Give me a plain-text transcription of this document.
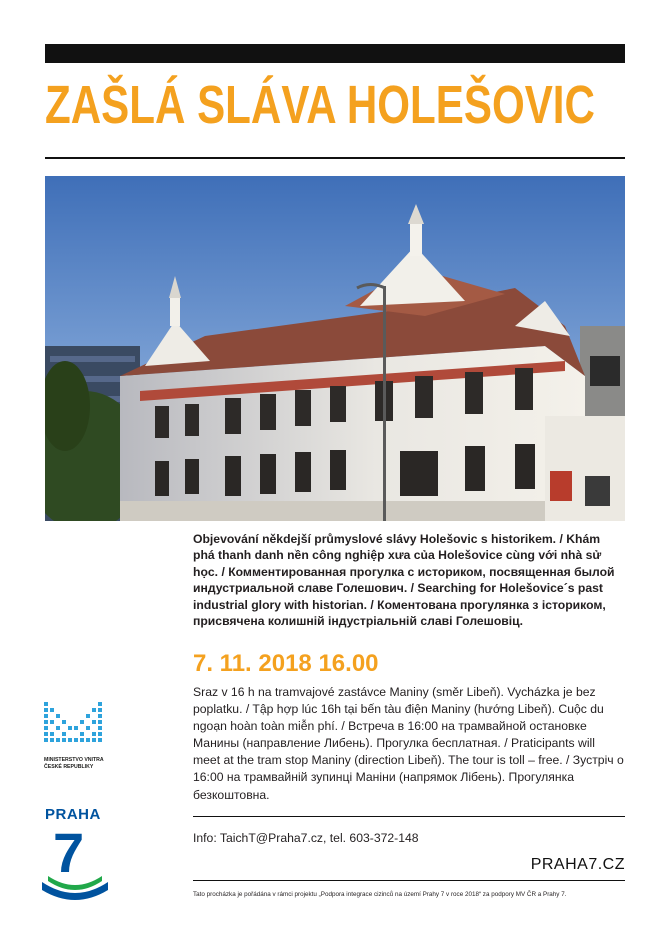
ZAŠLÁ SLÁVA HOLEŠOVIC
Objevování někdejší průmyslové slávy Holešovic s historikem. / Khám phá thanh danh nền công nghiệp xưa của Holešovice cùng với nhà sử học. / Комментированная прогулка с историком, посвященная былой индустриальной славе Голешович. / Searching for Holešovice´s past industrial glory with historian. / Коментована прогулянка з істориком, присвячена колишній індустріальній славі Голешовіц.
7. 11. 2018 16.00
Sraz v 16 h na tramvajové zastávce Maniny (směr Libeň). Vycházka je bez poplatku. / Tập hợp lúc 16h tại bến tàu điện Maniny (hướng Libeň). Cuộc du ngoạn hoàn toàn miễn phí. / Встреча в 16:00 на трамвайной остановке Манины (направление Либень). Прогулка бесплатная. / Praticipants will meet at the tram stop Maniny (direction Libeň). The tour is toll – free. / Зустріч о 16:00 на трамвайній зупинці Маніни (напрямок Лібень). Прогулянка безкоштовна.
Info: TaichT@Praha7.cz, tel. 603-372-148
PRAHA7.CZ
Tato procházka je pořádána v rámci projektu „Podpora integrace cizinců na území Prahy 7 v roce 2018“ za podpory MV ČR a Prahy 7.
MINISTERSTVO VNITRA
ČESKÉ REPUBLIKY
PRAHA
7
